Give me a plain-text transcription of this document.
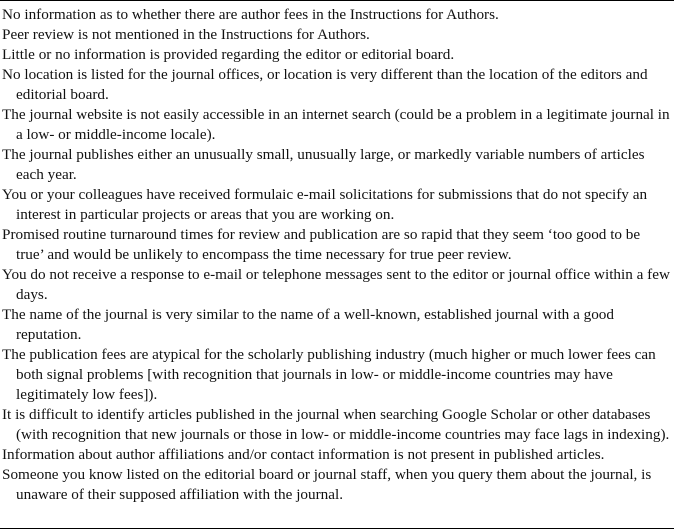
No information as to whether there are author fees in the Instructions for Authors.
Peer review is not mentioned in the Instructions for Authors.
Little or no information is provided regarding the editor or editorial board.
No location is listed for the journal offices, or location is very different than the location of the editors and editorial board.
The journal website is not easily accessible in an internet search (could be a problem in a legitimate journal in a low- or middle-income locale).
The journal publishes either an unusually small, unusually large, or markedly variable numbers of articles each year.
You or your colleagues have received formulaic e-mail solicitations for submissions that do not specify an interest in particular projects or areas that you are working on.
Promised routine turnaround times for review and publication are so rapid that they seem ‘too good to be true’ and would be unlikely to encompass the time necessary for true peer review.
You do not receive a response to e-mail or telephone messages sent to the editor or journal office within a few days.
The name of the journal is very similar to the name of a well-known, established journal with a good reputation.
The publication fees are atypical for the scholarly publishing industry (much higher or much lower fees can both signal problems [with recognition that journals in low- or middle-income countries may have legitimately low fees]).
It is difficult to identify articles published in the journal when searching Google Scholar or other databases (with recognition that new journals or those in low- or middle-income countries may face lags in indexing).
Information about author affiliations and/or contact information is not present in published articles.
Someone you know listed on the editorial board or journal staff, when you query them about the journal, is unaware of their supposed affiliation with the journal.
